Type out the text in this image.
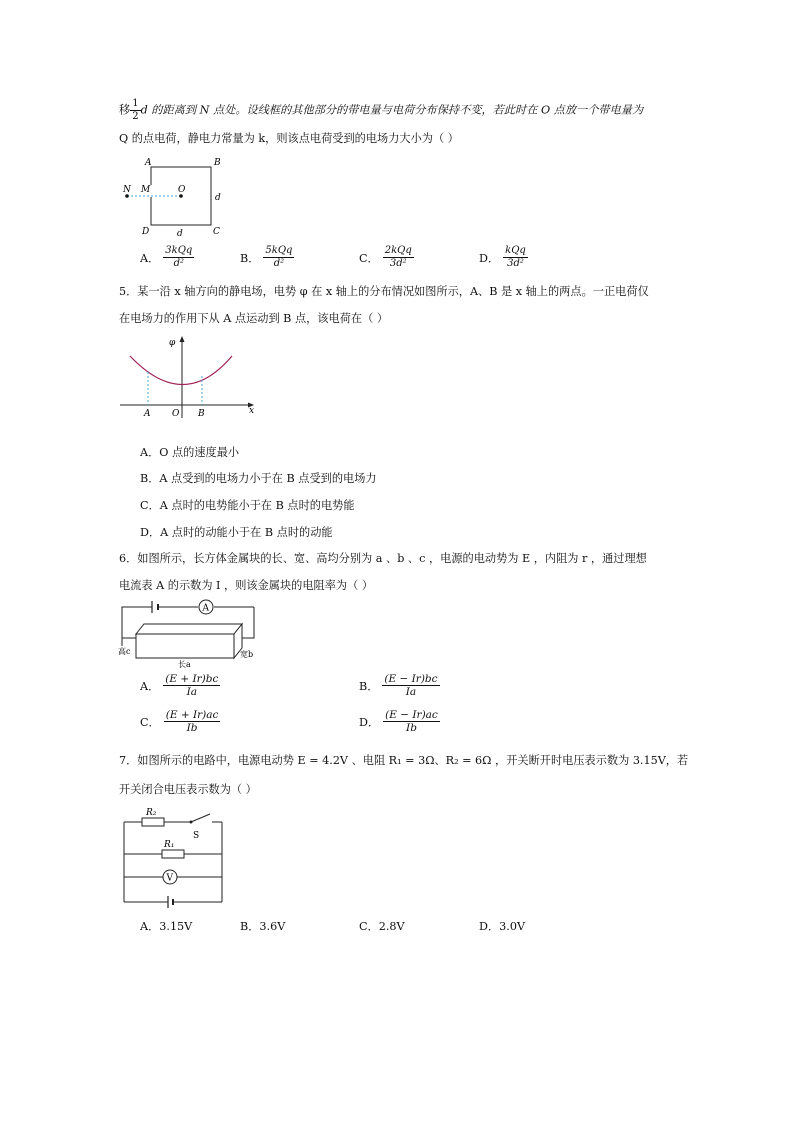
移 $\frac{1}{2}$ d 的距离到 N 点处。设线框的其他部分的带电量与电荷分布保持不变，若此时在 O 点放一个带电量为
Q 的点电荷，静电力常量为 k，则该点电荷受到的电场力大小为（ ）
A	B
D	C
N M	O
d
d
A． $\frac{\text{3kQq}}{\text{d²}}$	B． $\frac{\text{5kQq}}{\text{d²}}$	C． $\frac{\text{2kQq}}{\text{3d²}}$	D． $\frac{\text{kQq}}{\text{3d²}}$
5．某一沿 x 轴方向的静电场，电势 φ 在 x 轴上的分布情况如图所示，A、B 是 x 轴上的两点。一正电荷仅
在电场力的作用下从 A 点运动到 B 点，该电荷在（ ）
φ
A O B	x
A．O 点的速度最小
B．A 点受到的电场力小于在 B 点受到的电场力
C．A 点时的电势能小于在 B 点时的电势能
D．A 点时的动能小于在 B 点时的动能
6．如图所示，长方体金属块的长、宽、高均分别为 a 、b 、c ，电源的电动势为 E ，内阻为 r ，通过理想
电流表 A 的示数为 I ，则该金属块的电阻率为（ ）
A
高c
长a
宽b
A． $\frac{(E + Ir)bc}{Ia}$	B． $\frac{(E - Ir)bc}{Ia}$
C． $\frac{(E + Ir)ac}{Ib}$	D． $\frac{(E - Ir)ac}{Ib}$
7．如图所示的电路中，电源电动势 E = 4.2V 、电阻 R₁ = 3Ω、R₂ = 6Ω ，开关断开时电压表示数为 3.15V，若
开关闭合电压表示数为（ ）
R₂
S
R₁
V
A．3.15V	B．3.6V	C．2.8V	D．3.0V
